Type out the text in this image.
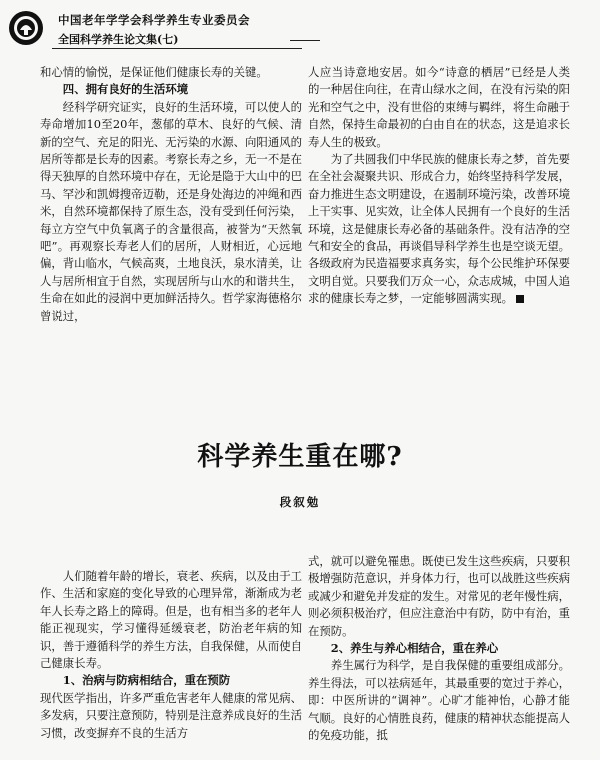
中国老年学学会科学养生专业委员会
全国科学养生论文集(七)

和心情的愉悦，是保证他们健康长寿的关键。

四、拥有良好的生活环境

经科学研究证实，良好的生活环境，可以使人的寿命增加10至20年，葱郁的草木、良好的气候、清新的空气、充足的阳光、无污染的水源、向阳通风的居所等都是长寿的因素。考察长寿之乡，无一不是在得天独厚的自然环境中存在，无论是隐于大山中的巴马、罕沙和凯姆搜帝迈勒，还是身处海边的冲绳和西米，自然环境都保持了原生态，没有受到任何污染，每立方空气中负氧离子的含量很高，被誉为“天然氧吧”。再观察长寿老人们的居所，人财相近，心远地偏，背山临水，气候高爽，土地良沃，泉水清美，让人与居所相宜于自然，实现居所与山水的和谐共生，生命在如此的浸润中更加鲜活持久。哲学家海德格尔曾说过，

人应当诗意地安居。如今“诗意的栖居”已经是人类的一种居住向往，在青山绿水之间，在没有污染的阳光和空气之中，没有世俗的束缚与羁绊，将生命融于自然，保持生命最初的白由自在的状态，这是追求长寿人生的极致。

为了共圆我们中华民族的健康长寿之梦，首先要在全社会凝聚共识、形成合力，始终坚持科学发展，奋力推进生态文明建设，在遏制环境污染，改善环境上干实事、见实效，让全体人民拥有一个良好的生活环境，这是健康长寿必备的基础条件。没有洁净的空气和安全的食品，再谈倡导科学养生也是空谈无望。各级政府为民造福要求真务实，每个公民维护环保要文明自觉。只要我们万众一心，众志成城，中国人追求的健康长寿之梦，一定能够圆满实现。

科学养生重在哪?
段叙勉

人们随着年龄的增长，衰老、疾病，以及由于工作、生活和家庭的变化导致的心理异常，渐渐成为老年人长寿之路上的障碍。但是，也有相当多的老年人能正视现实，学习懂得延缓衰老，防治老年病的知识，善于遵循科学的养生方法，自我保健，从而使自己健康长寿。

1、治病与防病相结合，重在预防

现代医学指出，许多严重危害老年人健康的常见病、多发病，只要注意预防，特别是注意养成良好的生活习惯，改变摒弃不良的生活方

式，就可以避免罹患。既使已发生这些疾病，只要积极增强防范意识，并身体力行，也可以战胜这些疾病或减少和避免并发症的发生。对常见的老年慢性病，则必须积极治疗，但应注意治中有防，防中有治，重在预防。

2、养生与养心相结合，重在养心

养生属行为科学，是自我保健的重要组成部分。养生得法，可以祛病延年，其最重要的宽过于养心，即：中医所讲的“调神”。心旷才能神怡，心静才能气顺。良好的心情胜良药，健康的精神状态能提高人的免疫功能，抵
